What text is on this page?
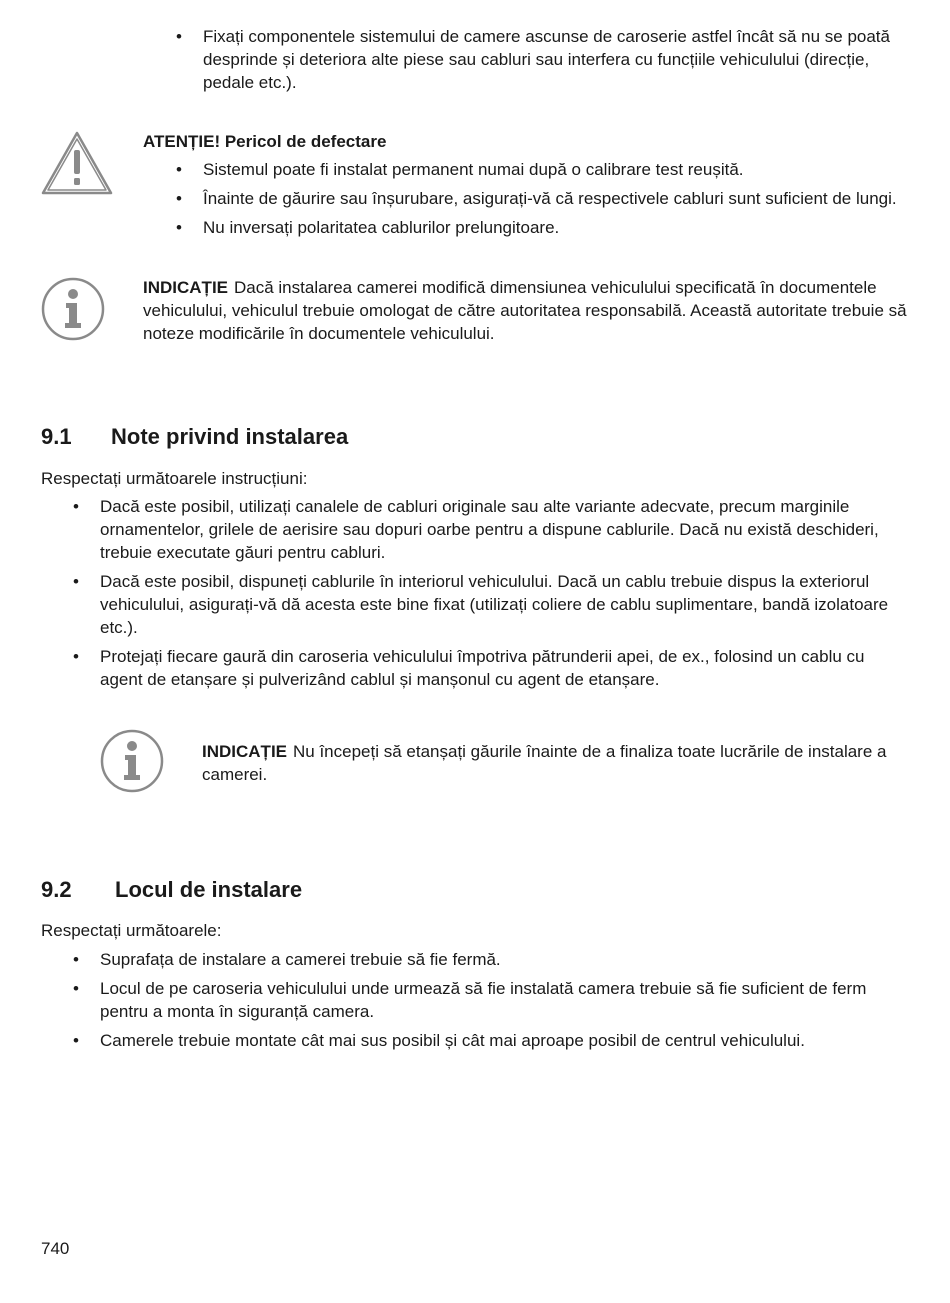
• Fixați componentele sistemului de camere ascunse de caroserie astfel încât să nu se poată desprinde și deteriora alte piese sau cabluri sau interfera cu funcțiile vehiculului (direcție, pedale etc.).

ATENȚIE! Pericol de defectare

• Sistemul poate fi instalat permanent numai după o calibrare test reușită.
• Înainte de găurire sau înșurubare, asigurați-vă că respectivele cabluri sunt suficient de lungi.
• Nu inversați polaritatea cablurilor prelungitoare.

INDICAȚIE Dacă instalarea camerei modifică dimensiunea vehiculului specificată în documentele vehiculului, vehiculul trebuie omologat de către autoritatea responsabilă. Această autoritate trebuie să noteze modificările în documentele vehiculului.

9.1 Note privind instalarea

Respectați următoarele instrucțiuni:

• Dacă este posibil, utilizați canalele de cabluri originale sau alte variante adecvate, precum marginile ornamentelor, grilele de aerisire sau dopuri oarbe pentru a dispune cablurile. Dacă nu există deschideri, trebuie executate găuri pentru cabluri.
• Dacă este posibil, dispuneți cablurile în interiorul vehiculului. Dacă un cablu trebuie dispus la exteriorul vehiculului, asigurați-vă dă acesta este bine fixat (utilizați coliere de cablu suplimentare, bandă izolatoare etc.).
• Protejați fiecare gaură din caroseria vehiculului împotriva pătrunderii apei, de ex., folosind un cablu cu agent de etanșare și pulverizând cablul și manșonul cu agent de etanșare.

INDICAȚIE Nu începeți să etanșați găurile înainte de a finaliza toate lucrările de instalare a camerei.

9.2 Locul de instalare

Respectați următoarele:

• Suprafața de instalare a camerei trebuie să fie fermă.
• Locul de pe caroseria vehiculului unde urmează să fie instalată camera trebuie să fie suficient de ferm pentru a monta în siguranță camera.
• Camerele trebuie montate cât mai sus posibil și cât mai aproape posibil de centrul vehiculului.
740
